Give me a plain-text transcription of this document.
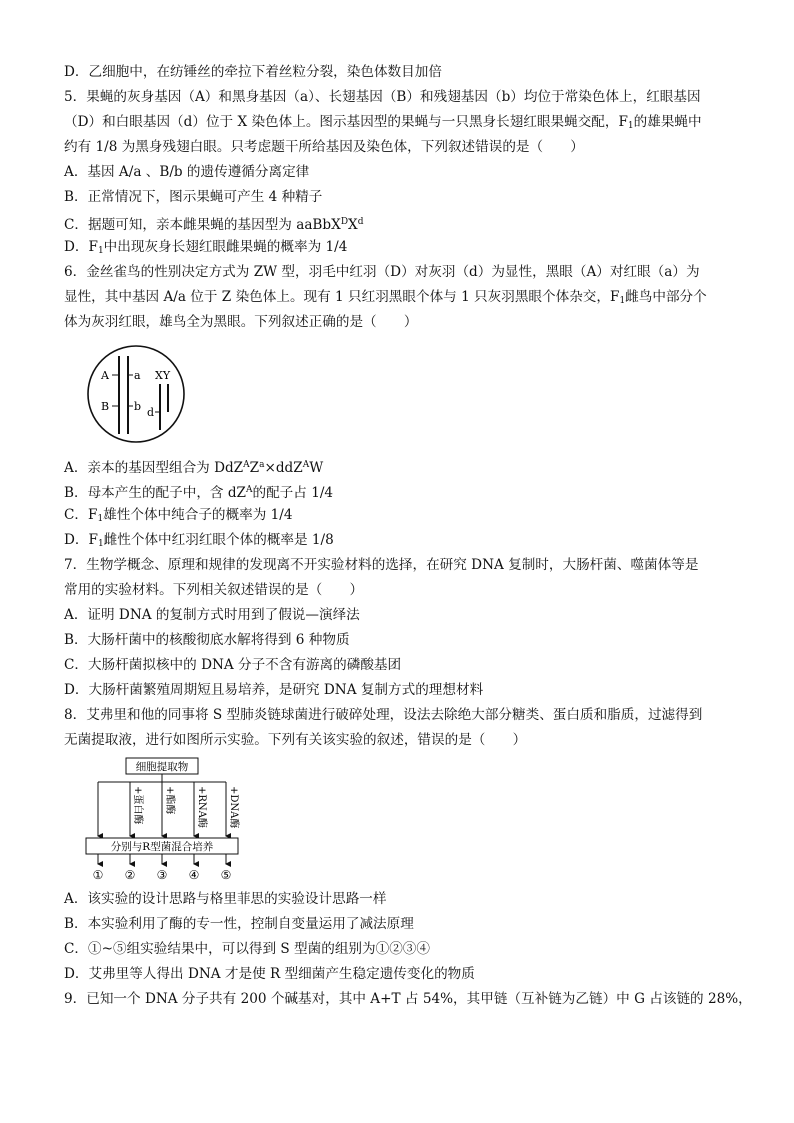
D．乙细胞中，在纺锤丝的牵拉下着丝粒分裂，染色体数目加倍
5．果蝇的灰身基因（A）和黑身基因（a）、长翅基因（B）和残翅基因（b）均位于常染色体上，红眼基因
（D）和白眼基因（d）位于 X 染色体上。图示基因型的果蝇与一只黑身长翅红眼果蝇交配，$F_1$的雄果蝇中
约有 1/8 为黑身残翅白眼。只考虑题干所给基因及染色体，下列叙述错误的是（　　）
A．基因 A/a 、B/b 的遗传遵循分离定律
B．正常情况下，图示果蝇可产生 4 种精子
C．据题可知，亲本雌果蝇的基因型为 $aaBbX^DX^d$
D．$F_1$中出现灰身长翅红眼雌果蝇的概率为 1/4
6．金丝雀鸟的性别决定方式为 ZW 型，羽毛中红羽（D）对灰羽（d）为显性，黑眼（A）对红眼（a）为
显性，其中基因 A/a 位于 Z 染色体上。现有 1 只红羽黑眼个体与 1 只灰羽黑眼个体杂交，$F_1$雌鸟中部分个
体为灰羽红眼，雄鸟全为黑眼。下列叙述正确的是（　　）
A a
B b
XY
d
A．亲本的基因型组合为 $DdZ^AZ^a\times ddZ^AW$
B．母本产生的配子中，含 $dZ^A$的配子占 1/4
C．$F_1$雄性个体中纯合子的概率为 1/4
D．$F_1$雌性个体中红羽红眼个体的概率是 1/8
7．生物学概念、原理和规律的发现离不开实验材料的选择，在研究 DNA 复制时，大肠杆菌、噬菌体等是
常用的实验材料。下列相关叙述错误的是（　　）
A．证明 DNA 的复制方式时用到了假说—演绎法
B．大肠杆菌中的核酸彻底水解将得到 6 种物质
C．大肠杆菌拟核中的 DNA 分子不含有游离的磷酸基团
D．大肠杆菌繁殖周期短且易培养，是研究 DNA 复制方式的理想材料
8．艾弗里和他的同事将 S 型肺炎链球菌进行破碎处理，设法去除绝大部分糖类、蛋白质和脂质，过滤得到
无菌提取液，进行如图所示实验。下列有关该实验的叙述，错误的是（　　）
细胞提取物
+蛋白酶 +酯酶 +RNA酶 +DNA酶
分别与R型菌混合培养
① ② ③ ④ ⑤
A．该实验的设计思路与格里菲思的实验设计思路一样
B．本实验利用了酶的专一性，控制自变量运用了减法原理
C．①~⑤组实验结果中，可以得到 S 型菌的组别为①②③④
D．艾弗里等人得出 DNA 才是使 R 型细菌产生稳定遗传变化的物质
9．已知一个 DNA 分子共有 200 个碱基对，其中 A+T 占 54%，其甲链（互补链为乙链）中 G 占该链的 28%，
